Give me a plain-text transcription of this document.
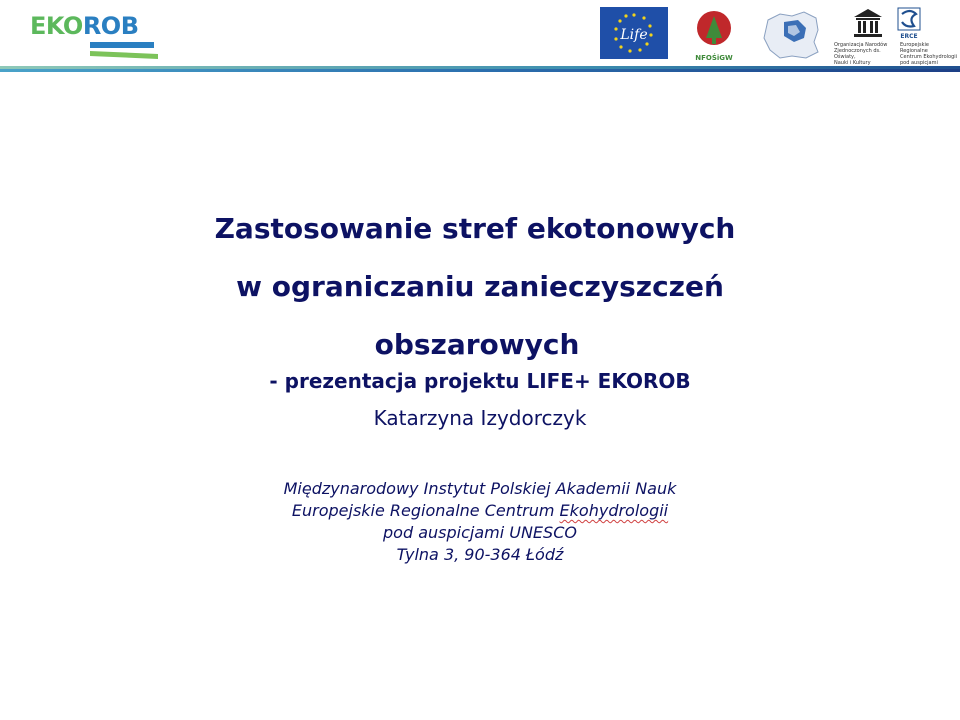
EKOROB	Life
NFOŚiGW
Organizacja Narodów
Zjednoczonych ds. Oświaty,
Nauki i Kultury
ERCE
Europejskie Regionalne
Centrum Ekohydrologii
pod auspicjami
Zastosowanie stref ekotonowych
w ograniczaniu zanieczyszczeń
obszarowych
- prezentacja projektu LIFE+ EKOROB
Katarzyna Izydorczyk
Międzynarodowy Instytut Polskiej Akademii Nauk
Europejskie Regionalne Centrum Ekohydrologii
pod auspicjami UNESCO
Tylna 3, 90-364 Łódź
